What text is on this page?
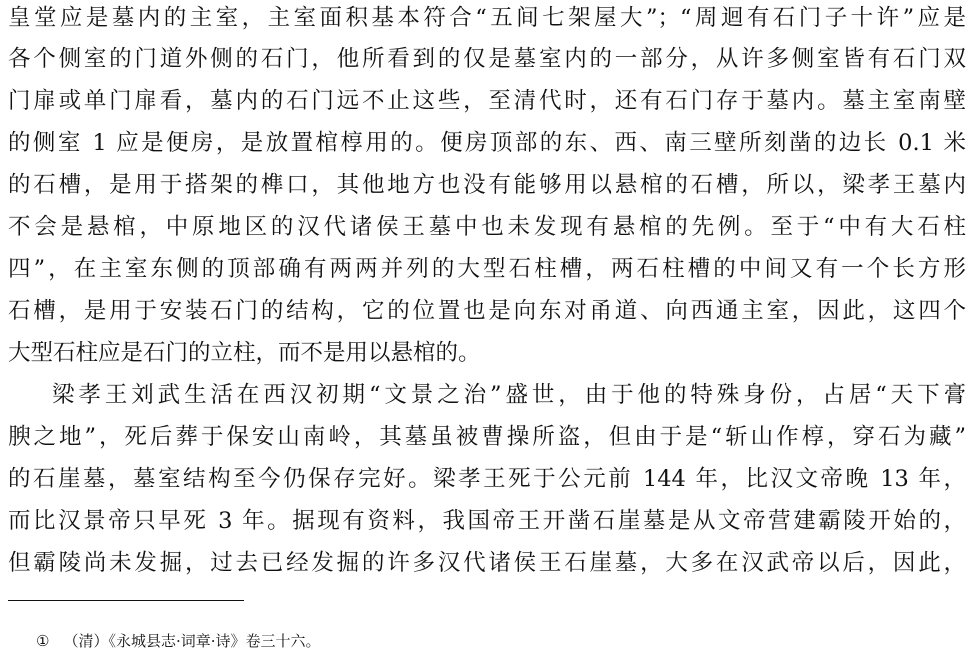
皇堂应是墓内的主室，主室面积基本符合“五间七架屋大”；“周迴有石门子十许”应是
各个侧室的门道外侧的石门，他所看到的仅是墓室内的一部分，从许多侧室皆有石门双
门扉或单门扉看，墓内的石门远不止这些，至清代时，还有石门存于墓内。墓主室南壁
的侧室 1 应是便房，是放置棺椁用的。便房顶部的东、西、南三壁所刻凿的边长 0.1 米
的石槽，是用于搭架的榫口，其他地方也没有能够用以悬棺的石槽，所以，梁孝王墓内
不会是悬棺，中原地区的汉代诸侯王墓中也未发现有悬棺的先例。至于“中有大石柱
四”，在主室东侧的顶部确有两两并列的大型石柱槽，两石柱槽的中间又有一个长方形
石槽，是用于安装石门的结构，它的位置也是向东对甬道、向西通主室，因此，这四个
大型石柱应是石门的立柱，而不是用以悬棺的。
梁孝王刘武生活在西汉初期“文景之治”盛世，由于他的特殊身份，占居“天下膏
腴之地”，死后葬于保安山南岭，其墓虽被曹操所盗，但由于是“斩山作椁，穿石为藏”
的石崖墓，墓室结构至今仍保存完好。梁孝王死于公元前 144 年，比汉文帝晚 13 年，
而比汉景帝只早死 3 年。据现有资料，我国帝王开凿石崖墓是从文帝营建霸陵开始的，
但霸陵尚未发掘，过去已经发掘的许多汉代诸侯王石崖墓，大多在汉武帝以后，因此，
① （清）《永城县志·词章·诗》卷三十六。
